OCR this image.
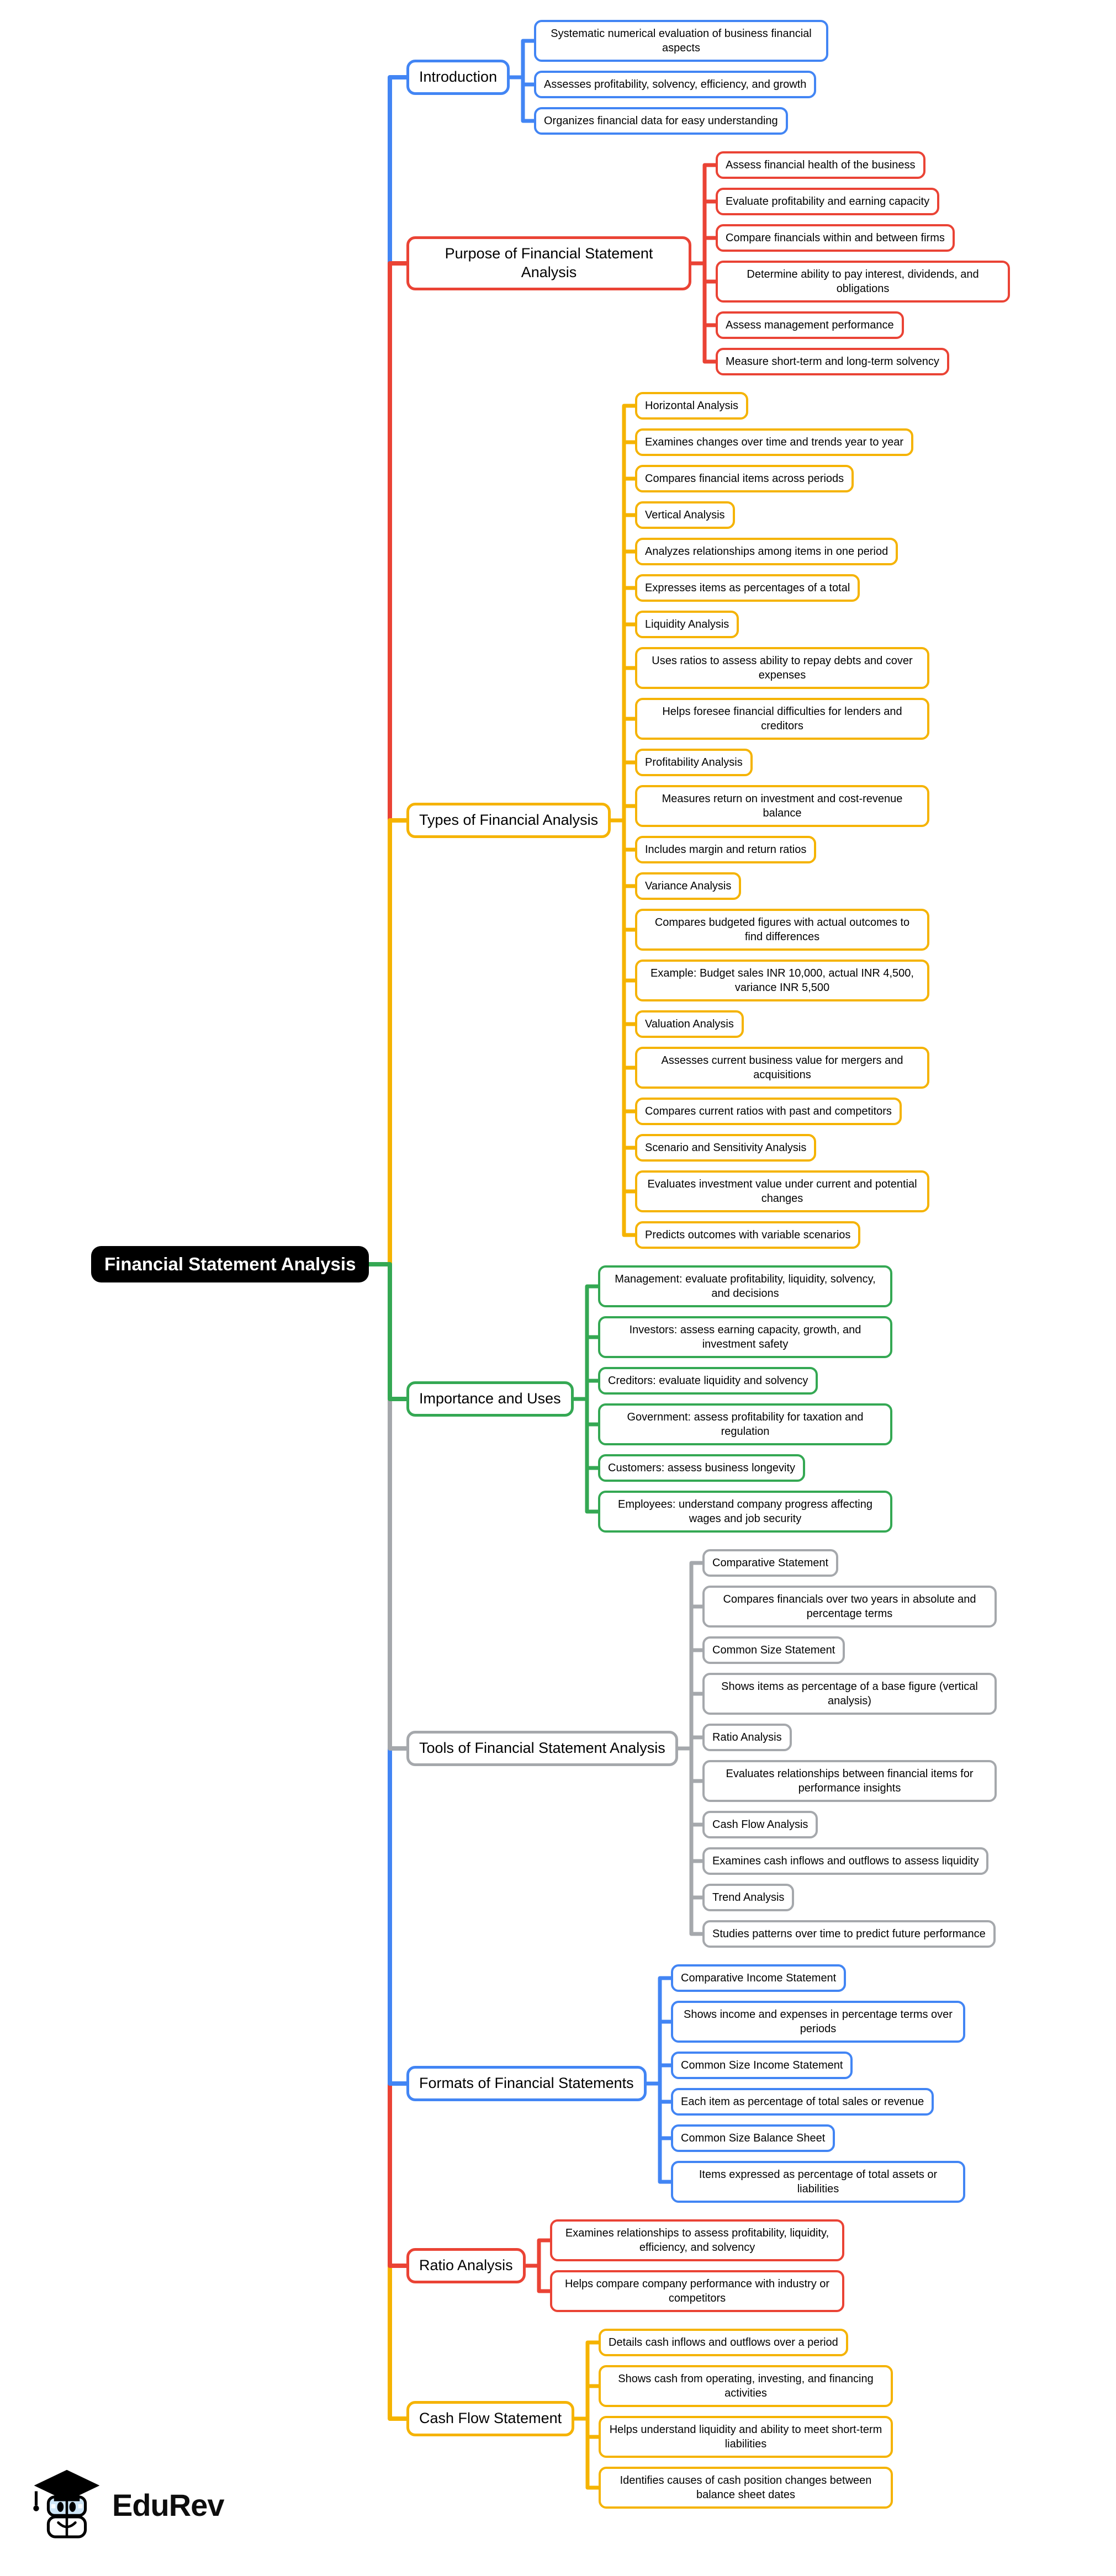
Financial Statement Analysis
Introduction
Systematic numerical evaluation of business financial aspects
Assesses profitability, solvency, efficiency, and growth
Organizes financial data for easy understanding
Purpose of Financial Statement Analysis
Assess financial health of the business
Evaluate profitability and earning capacity
Compare financials within and between firms
Determine ability to pay interest, dividends, and obligations
Assess management performance
Measure short-term and long-term solvency
Types of Financial Analysis
Horizontal Analysis
Examines changes over time and trends year to year
Compares financial items across periods
Vertical Analysis
Analyzes relationships among items in one period
Expresses items as percentages of a total
Liquidity Analysis
Uses ratios to assess ability to repay debts and cover expenses
Helps foresee financial difficulties for lenders and creditors
Profitability Analysis
Measures return on investment and cost-revenue balance
Includes margin and return ratios
Variance Analysis
Compares budgeted figures with actual outcomes to find differences
Example: Budget sales INR 10,000, actual INR 4,500, variance INR 5,500
Valuation Analysis
Assesses current business value for mergers and acquisitions
Compares current ratios with past and competitors
Scenario and Sensitivity Analysis
Evaluates investment value under current and potential changes
Predicts outcomes with variable scenarios
Importance and Uses
Management: evaluate profitability, liquidity, solvency, and decisions
Investors: assess earning capacity, growth, and investment safety
Creditors: evaluate liquidity and solvency
Government: assess profitability for taxation and regulation
Customers: assess business longevity
Employees: understand company progress affecting wages and job security
Tools of Financial Statement Analysis
Comparative Statement
Compares financials over two years in absolute and percentage terms
Common Size Statement
Shows items as percentage of a base figure (vertical analysis)
Ratio Analysis
Evaluates relationships between financial items for performance insights
Cash Flow Analysis
Examines cash inflows and outflows to assess liquidity
Trend Analysis
Studies patterns over time to predict future performance
Formats of Financial Statements
Comparative Income Statement
Shows income and expenses in percentage terms over periods
Common Size Income Statement
Each item as percentage of total sales or revenue
Common Size Balance Sheet
Items expressed as percentage of total assets or liabilities
Ratio Analysis
Examines relationships to assess profitability, liquidity, efficiency, and solvency
Helps compare company performance with industry or competitors
Cash Flow Statement
Details cash inflows and outflows over a period
Shows cash from operating, investing, and financing activities
Helps understand liquidity and ability to meet short-term liabilities
Identifies causes of cash position changes between balance sheet dates
EduRev
